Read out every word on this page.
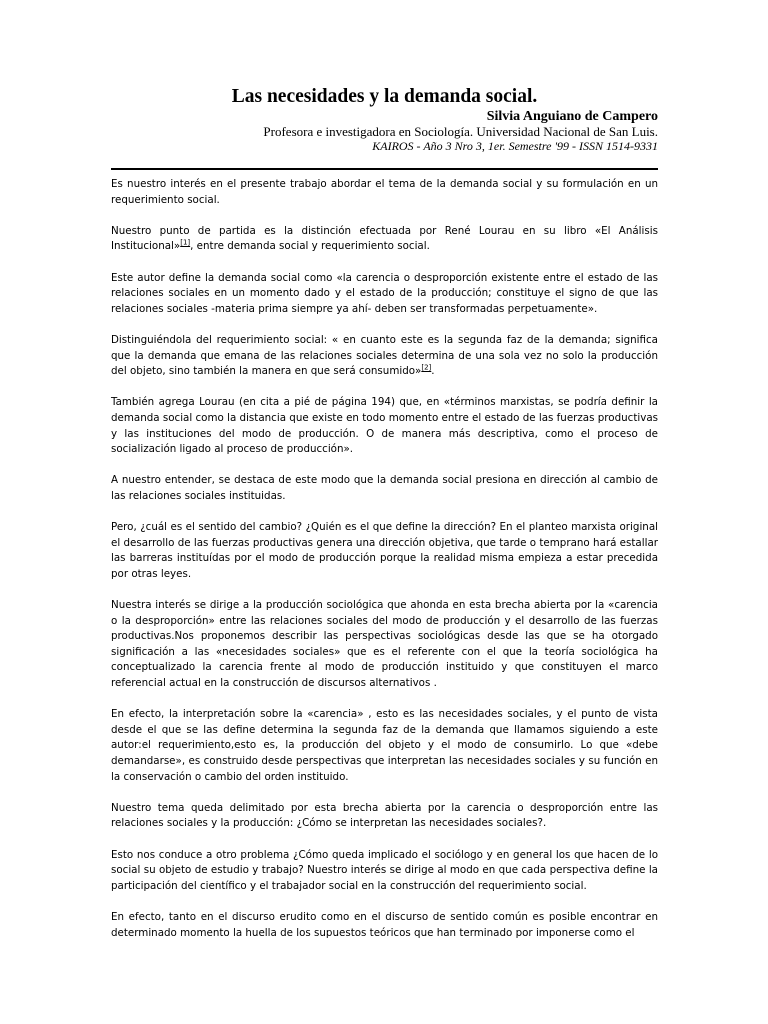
Las necesidades y la demanda social.
Silvia Anguiano de Campero
Profesora e investigadora en Sociología. Universidad Nacional de San Luis.
KAIROS - Año 3 Nro 3, 1er. Semestre '99 - ISSN 1514-9331

Es nuestro interés en el presente trabajo abordar el tema de la demanda social y su formulación en un requerimiento social.

Nuestro punto de partida es la distinción efectuada por René Lourau en su libro «El Análisis Institucional»[1], entre demanda social y requerimiento social.

Este autor define la demanda social como «la carencia o desproporción existente entre el estado de las relaciones sociales en un momento dado y el estado de la producción; constituye el signo de que las relaciones sociales -materia prima siempre ya ahí- deben ser transformadas perpetuamente».

Distinguiéndola del requerimiento social: « en cuanto este es la segunda faz de la demanda; significa que la demanda que emana de las relaciones sociales determina de una sola vez no solo la producción del objeto, sino también la manera en que será consumido»[2].

También agrega Lourau (en cita a pié de página 194) que, en «términos marxistas, se podría definir la demanda social como la distancia que existe en todo momento entre el estado de las fuerzas productivas y las instituciones del modo de producción. O de manera más descriptiva, como el proceso de socialización ligado al proceso de producción».

A nuestro entender, se destaca de este modo que la demanda social presiona en dirección al cambio de las relaciones sociales instituidas.

Pero, ¿cuál es el sentido del cambio? ¿Quién es el que define la dirección? En el planteo marxista original el desarrollo de las fuerzas productivas genera una dirección objetiva, que tarde o temprano hará estallar las barreras instituídas por el modo de producción porque la realidad misma empieza a estar precedida por otras leyes.

Nuestra interés se dirige a la producción sociológica que ahonda en esta brecha abierta por la «carencia o la desproporción» entre las relaciones sociales del modo de producción y el desarrollo de las fuerzas productivas.Nos proponemos describir las perspectivas sociológicas desde las que se ha otorgado significación a las «necesidades sociales» que es el referente con el que la teoría sociológica ha conceptualizado la carencia frente al modo de producción instituido y que constituyen el marco referencial actual en la construcción de discursos alternativos .

En efecto, la interpretación sobre la «carencia» , esto es las necesidades sociales, y el punto de vista desde el que se las define determina la segunda faz de la demanda que llamamos siguiendo a este autor:el requerimiento,esto es, la producción del objeto y el modo de consumirlo. Lo que «debe demandarse», es construido desde perspectivas que interpretan las necesidades sociales y su función en la conservación o cambio del orden instituido.

Nuestro tema queda delimitado por esta brecha abierta por la carencia o desproporción entre las relaciones sociales y la producción: ¿Cómo se interpretan las necesidades sociales?.

Esto nos conduce a otro problema ¿Cómo queda implicado el sociólogo y en general los que hacen de lo social su objeto de estudio y trabajo? Nuestro interés se dirige al modo en que cada perspectiva define la participación del científico y el trabajador social en la construcción del requerimiento social.

En efecto, tanto en el discurso erudito como en el discurso de sentido común es posible encontrar en determinado momento la huella de los supuestos teóricos que han terminado por imponerse como el
